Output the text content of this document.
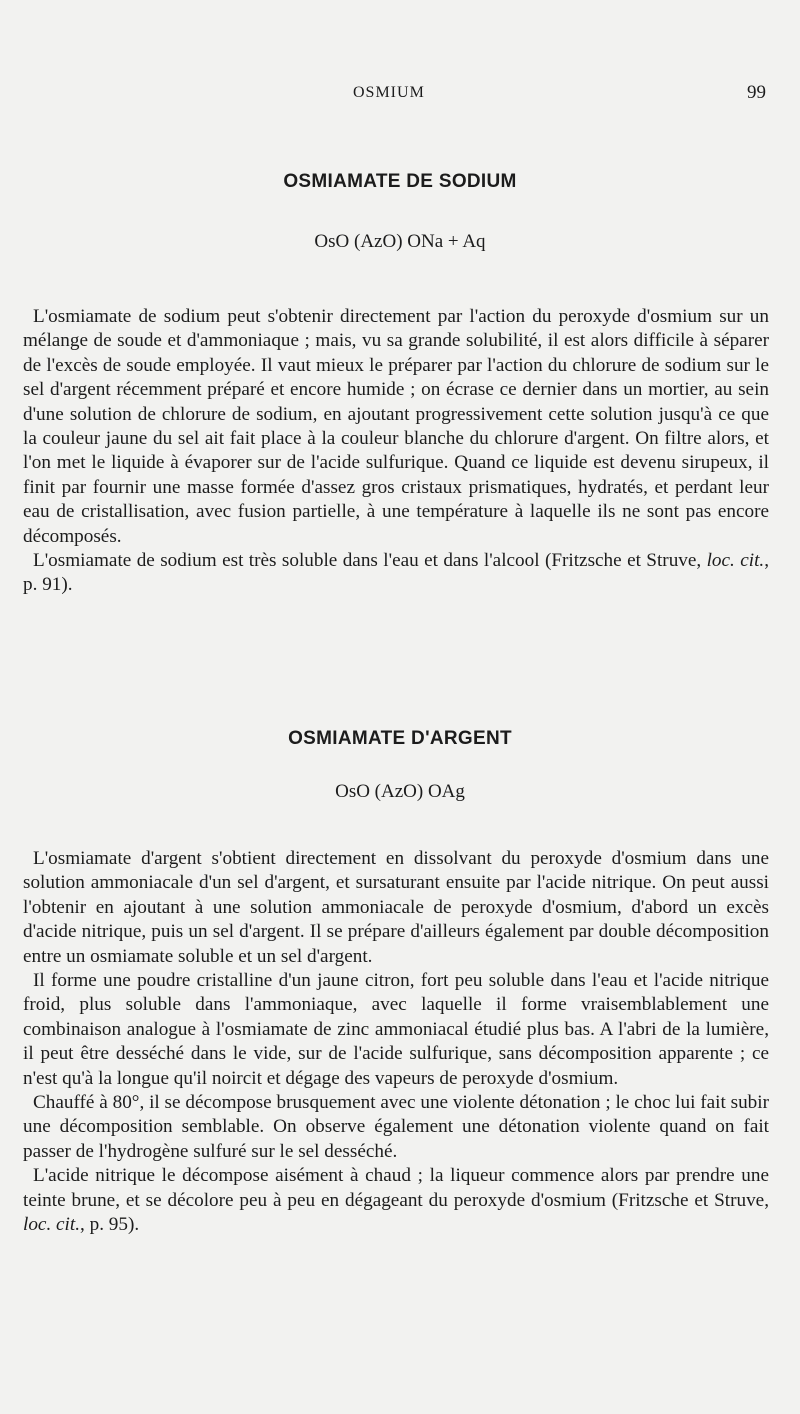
OSMIUM	99
OSMIAMATE DE SODIUM
OsO (AzO) ONa + Aq

L'osmiamate de sodium peut s'obtenir directement par l'action du peroxyde d'osmium sur un mélange de soude et d'ammoniaque ; mais, vu sa grande solubilité, il est alors difficile à séparer de l'excès de soude employée. Il vaut mieux le préparer par l'action du chlorure de sodium sur le sel d'argent récemment préparé et encore humide ; on écrase ce dernier dans un mortier, au sein d'une solution de chlorure de sodium, en ajoutant progressivement cette solution jusqu'à ce que la couleur jaune du sel ait fait place à la couleur blanche du chlorure d'argent. On filtre alors, et l'on met le liquide à évaporer sur de l'acide sulfurique. Quand ce liquide est devenu sirupeux, il finit par fournir une masse formée d'assez gros cristaux prismatiques, hydratés, et perdant leur eau de cristallisation, avec fusion partielle, à une température à laquelle ils ne sont pas encore décomposés.

L'osmiamate de sodium est très soluble dans l'eau et dans l'alcool (Fritzsche et Struve, loc. cit., p. 91).

OSMIAMATE D'ARGENT
OsO (AzO) OAg

L'osmiamate d'argent s'obtient directement en dissolvant du peroxyde d'osmium dans une solution ammoniacale d'un sel d'argent, et sursaturant ensuite par l'acide nitrique. On peut aussi l'obtenir en ajoutant à une solution ammoniacale de peroxyde d'osmium, d'abord un excès d'acide nitrique, puis un sel d'argent. Il se prépare d'ailleurs également par double décomposition entre un osmiamate soluble et un sel d'argent.

Il forme une poudre cristalline d'un jaune citron, fort peu soluble dans l'eau et l'acide nitrique froid, plus soluble dans l'ammoniaque, avec laquelle il forme vraisemblablement une combinaison analogue à l'osmiamate de zinc ammoniacal étudié plus bas. A l'abri de la lumière, il peut être desséché dans le vide, sur de l'acide sulfurique, sans décomposition apparente ; ce n'est qu'à la longue qu'il noircit et dégage des vapeurs de peroxyde d'osmium.

Chauffé à 80°, il se décompose brusquement avec une violente détonation ; le choc lui fait subir une décomposition semblable. On observe également une détonation violente quand on fait passer de l'hydrogène sulfuré sur le sel desséché.

L'acide nitrique le décompose aisément à chaud ; la liqueur commence alors par prendre une teinte brune, et se décolore peu à peu en dégageant du peroxyde d'osmium (Fritzsche et Struve, loc. cit., p. 95).
